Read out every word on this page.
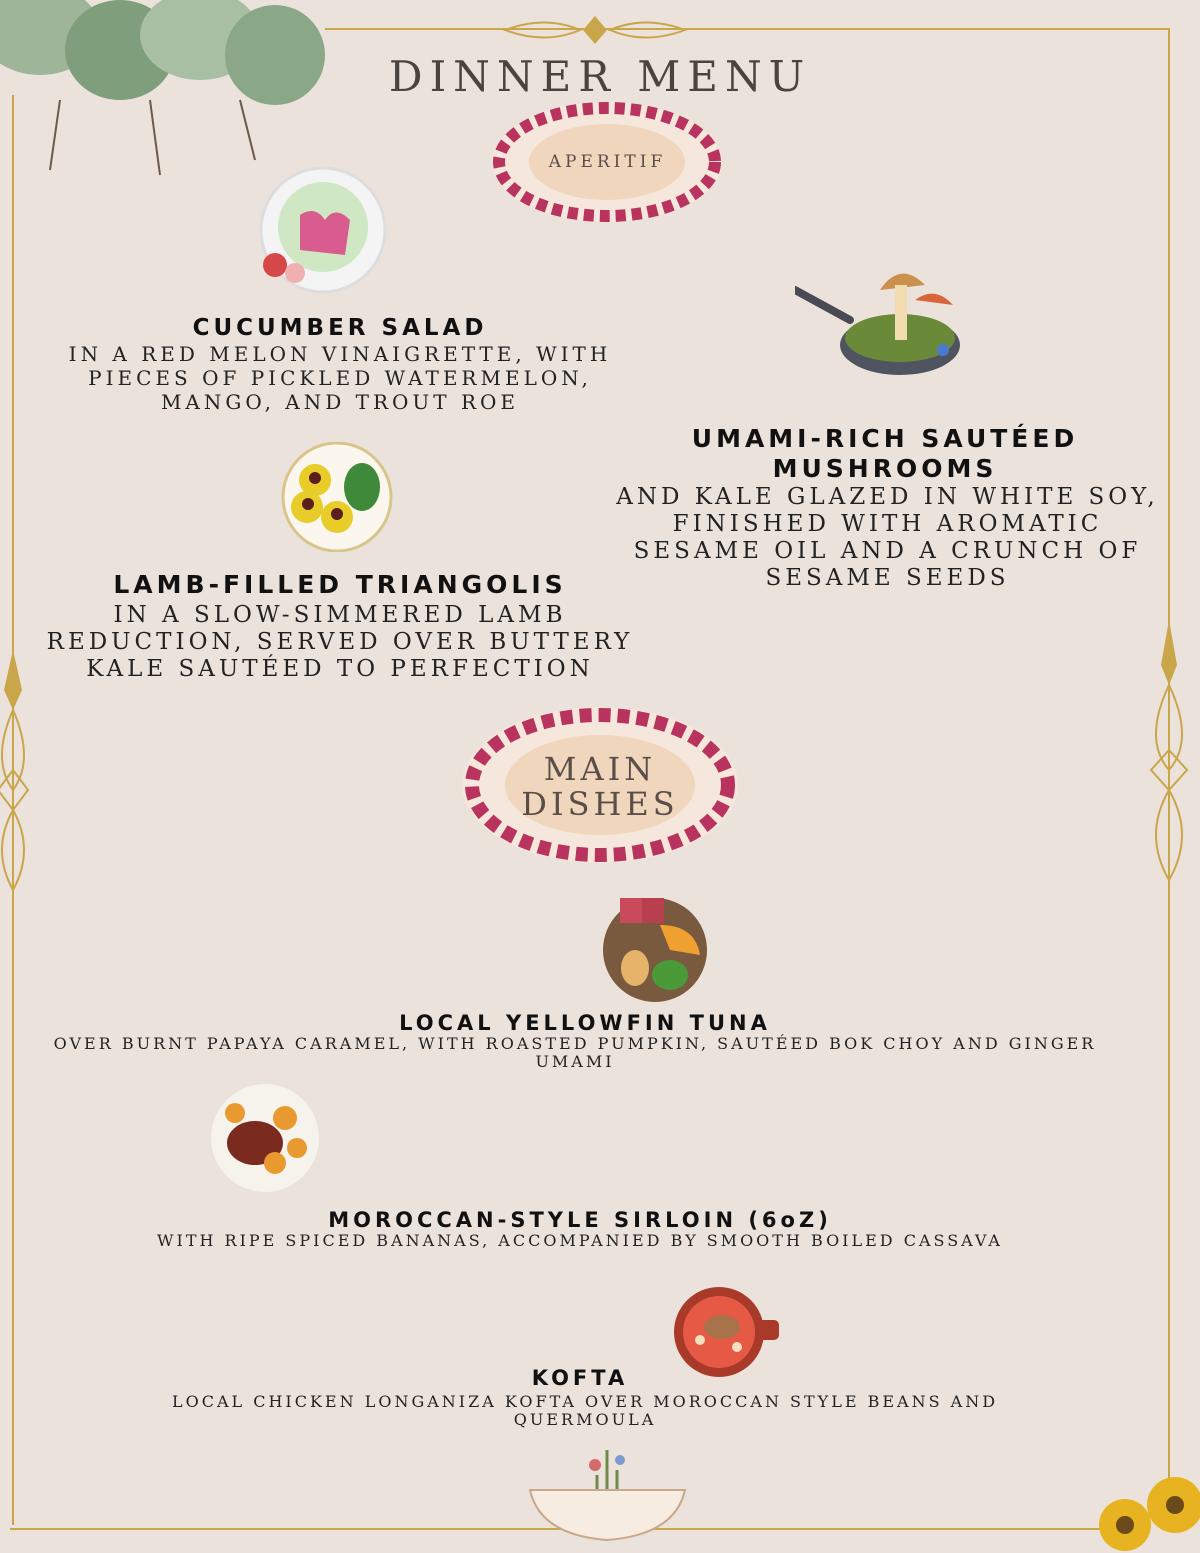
DINNER MENU
APERITIF
MAIN
DISHES
CUCUMBER SALAD
IN A RED MELON VINAIGRETTE, WITH PIECES OF PICKLED WATERMELON, MANGO, AND TROUT ROE
UMAMI-RICH SAUTÉED MUSHROOMS
AND KALE GLAZED IN WHITE SOY, FINISHED WITH AROMATIC SESAME OIL AND A CRUNCH OF SESAME SEEDS
LAMB-FILLED TRIANGOLIS
IN A SLOW-SIMMERED LAMB REDUCTION, SERVED OVER BUTTERY KALE SAUTÉED TO PERFECTION
LOCAL YELLOWFIN TUNA
OVER BURNT PAPAYA CARAMEL, WITH ROASTED PUMPKIN, SAUTÉED BOK CHOY AND GINGER UMAMI
MOROCCAN-STYLE SIRLOIN (6oZ)
WITH RIPE SPICED BANANAS, ACCOMPANIED BY SMOOTH BOILED CASSAVA
KOFTA
LOCAL CHICKEN LONGANIZA KOFTA OVER MOROCCAN STYLE BEANS AND QUERMOULA
